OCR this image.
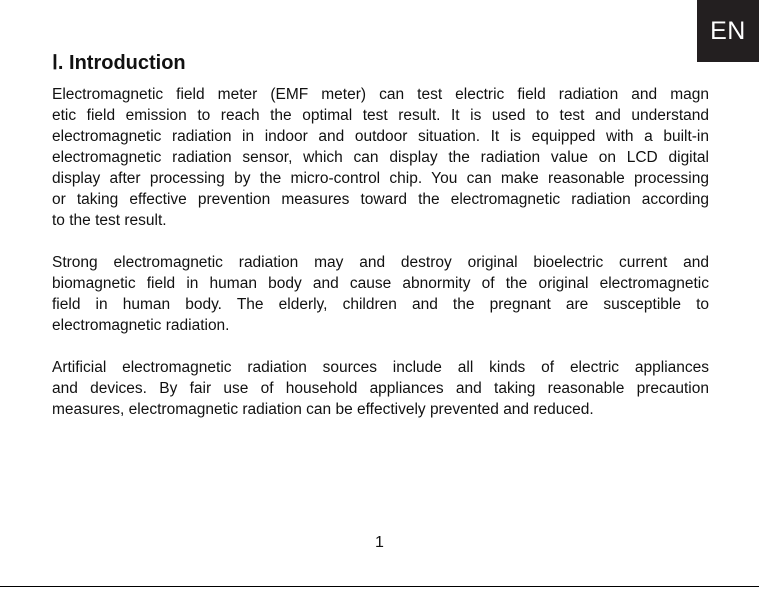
EN
Ⅰ. Introduction

Electromagnetic field meter (EMF meter) can test electric field radiation and magn
etic field emission to reach the optimal test result. It is used to test and understand
electromagnetic radiation in indoor and outdoor situation. It is equipped with a built-in
electromagnetic radiation sensor, which can display the radiation value on LCD digital
display after processing by the micro-control chip. You can make reasonable processing
or taking effective prevention measures toward the electromagnetic radiation according
to the test result.

Strong electromagnetic radiation may and destroy original bioelectric current and
biomagnetic field in human body and cause abnormity of the original electromagnetic
field in human body. The elderly, children and the pregnant are susceptible to
electromagnetic radiation.

Artificial electromagnetic radiation sources include all kinds of electric appliances
and devices. By fair use of household appliances and taking reasonable precaution
measures, electromagnetic radiation can be effectively prevented and reduced.

1
